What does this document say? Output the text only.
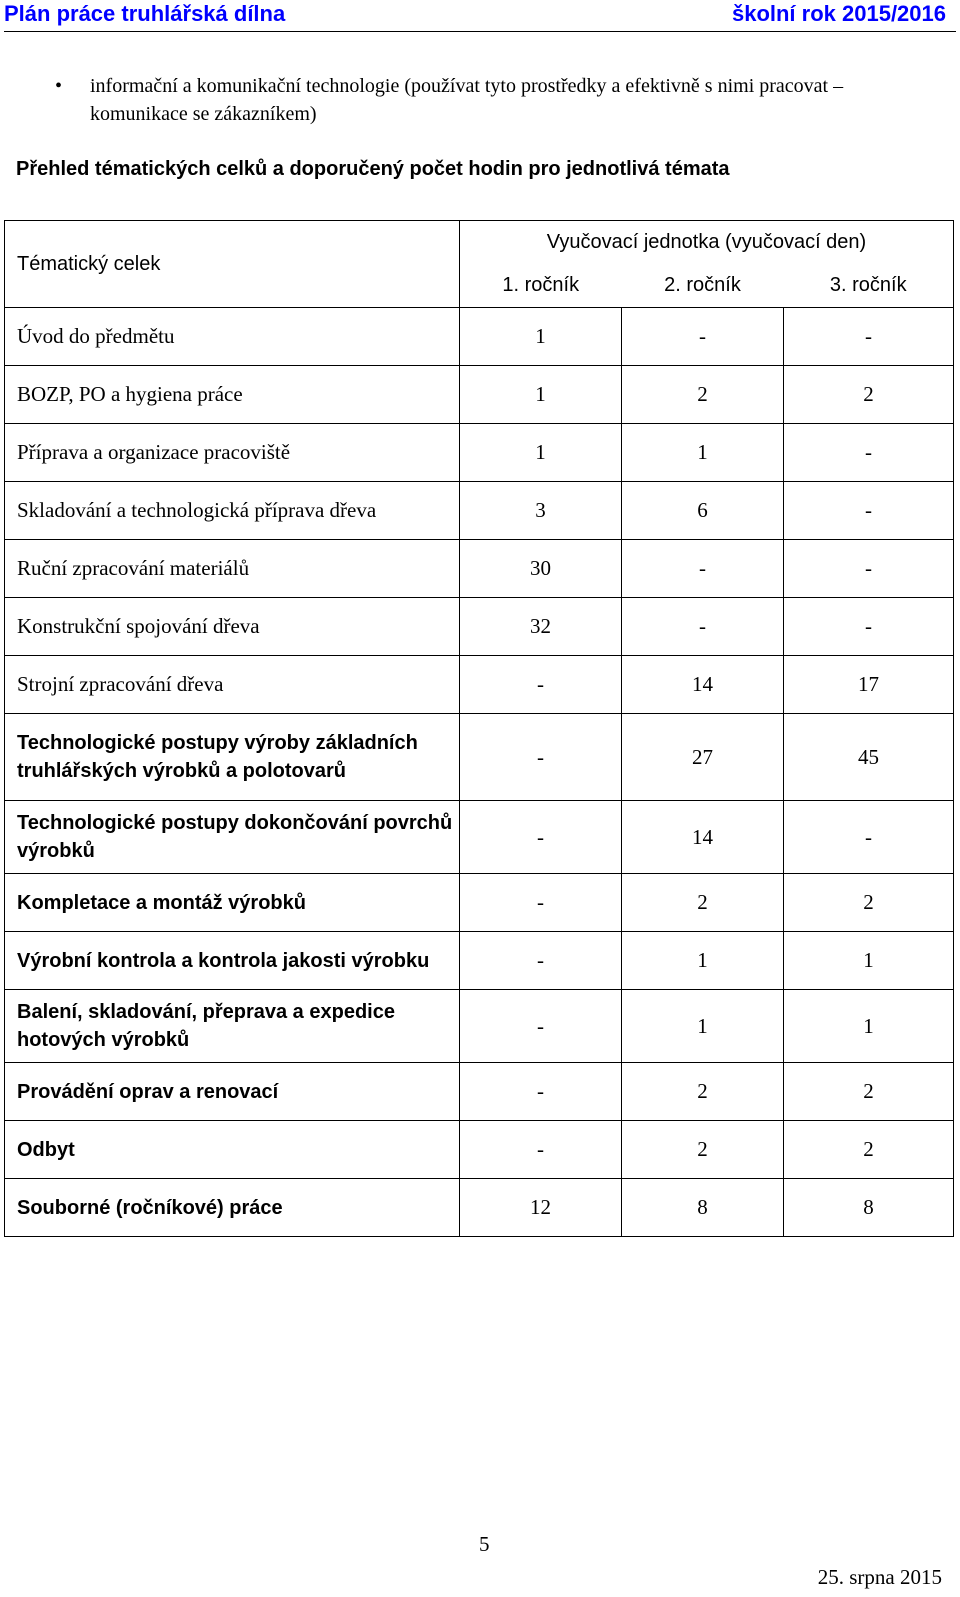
Plán práce truhlářská dílna	školní rok 2015/2016
• informační a komunikační technologie (používat tyto prostředky a efektivně s nimi pracovat – komunikace se zákazníkem)
Přehled tématických celků a doporučený počet hodin pro jednotlivá témata
Tématický celek	Vyučovací jednotka (vyučovací den)		
	1. ročník	2. ročník	3. ročník
Úvod do předmětu	1	-	-
BOZP, PO a hygiena práce	1	2	2
Příprava a organizace pracoviště	1	1	-
Skladování a technologická příprava dřeva	3	6	-
Ruční zpracování materiálů	30	-	-
Konstrukční spojování dřeva	32	-	-
Strojní zpracování dřeva	-	14	17
Technologické postupy výroby základních truhlářských výrobků a polotovarů	-	27	45
Technologické postupy dokončování povrchů výrobků	-	14	-
Kompletace a montáž výrobků	-	2	2
Výrobní kontrola a kontrola jakosti výrobku	-	1	1
Balení, skladování, přeprava a expedice hotových výrobků	-	1	1
Provádění oprav a renovací	-	2	2
Odbyt	-	2	2
Souborné (ročníkové) práce	12	8	8
5
25. srpna 2015
